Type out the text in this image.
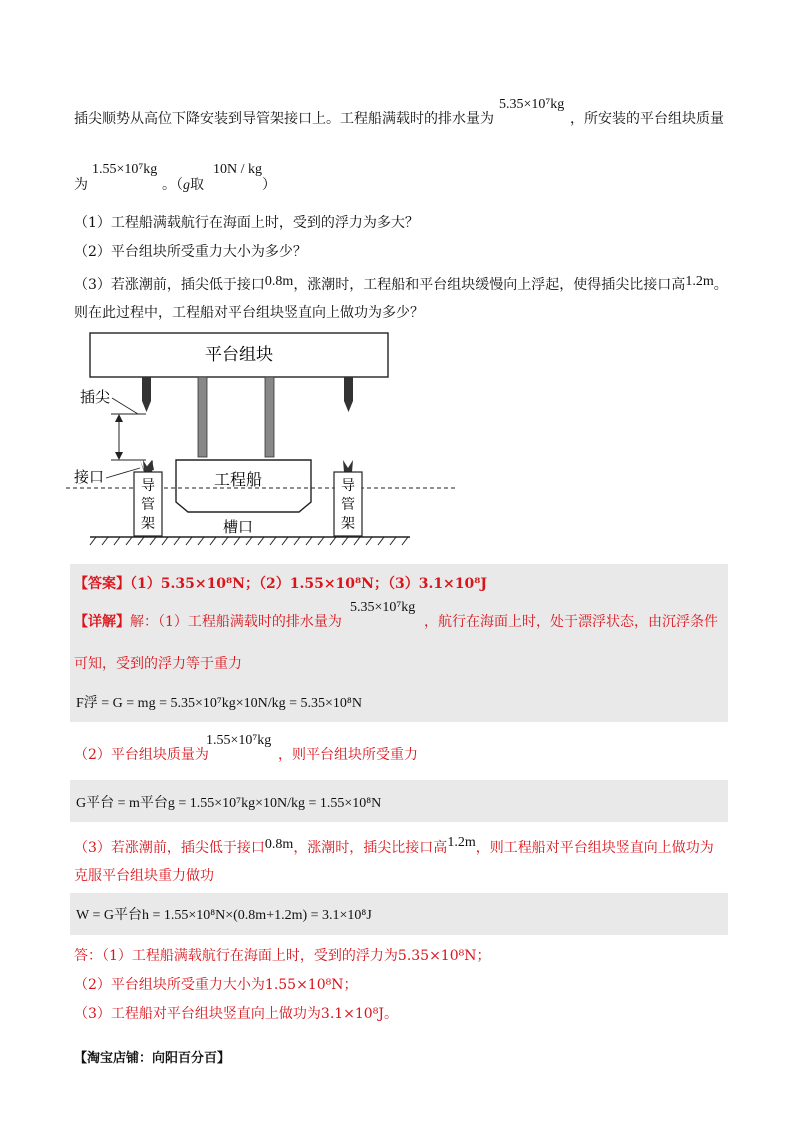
插尖顺势从高位下降安装到导管架接口上。工程船满载时的排水量为
5.35×10⁷kg
，所安装的平台组块质量
为
1.55×10⁷kg
。（g取
10N / kg
）
（1）工程船满载航行在海面上时，受到的浮力为多大？
（2）平台组块所受重力大小为多少？
（3）若涨潮前，插尖低于接口0.8m，涨潮时，工程船和平台组块缓慢向上浮起，使得插尖比接口高1.2m。
则在此过程中，工程船对平台组块竖直向上做功为多少？
平台组块
插尖
接口	工程船
槽口
导
管
架
导
管
架
【答案】（1）5.35×10⁸N；（2）1.55×10⁸N；（3）3.1×10⁸J
【详解】解：（1）工程船满载时的排水量为
5.35×10⁷kg
，航行在海面上时，处于漂浮状态，由沉浮条件
可知，受到的浮力等于重力
F浮 = G = mg = 5.35×10⁷kg×10N/kg = 5.35×10⁸N
（2）平台组块质量为
1.55×10⁷kg
，则平台组块所受重力
G平台 = m平台g = 1.55×10⁷kg×10N/kg = 1.55×10⁸N
（3）若涨潮前，插尖低于接口0.8m，涨潮时，插尖比接口高1.2m，则工程船对平台组块竖直向上做功为
克服平台组块重力做功
W = G平台h = 1.55×10⁸N×(0.8m+1.2m) = 3.1×10⁸J
答：（1）工程船满载航行在海面上时，受到的浮力为5.35×10⁸N；
（2）平台组块所受重力大小为1.55×10⁸N；
（3）工程船对平台组块竖直向上做功为3.1×10⁸J。
【淘宝店铺：向阳百分百】
